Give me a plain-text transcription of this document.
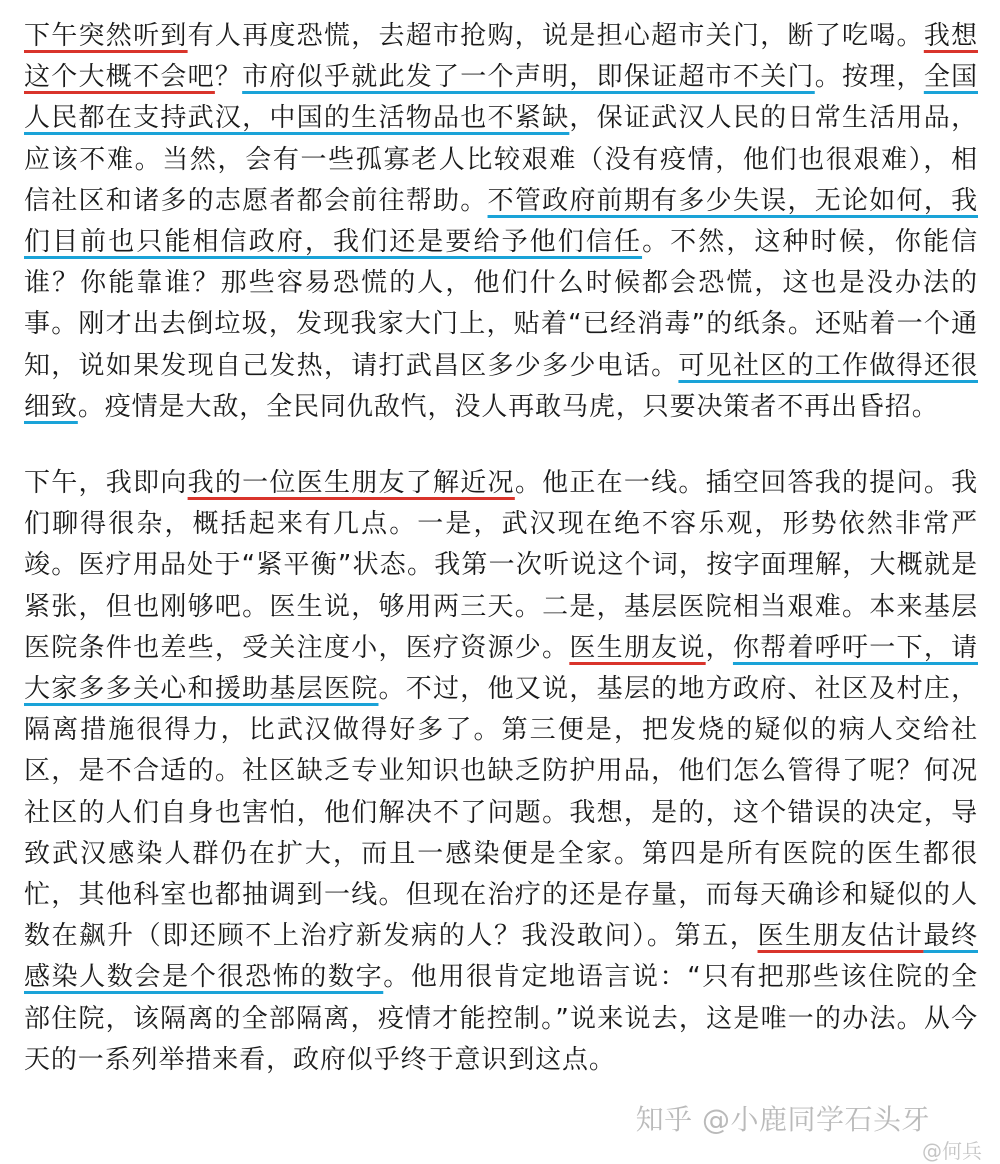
下午突然听到有人再度恐慌，去超市抢购，说是担心超市关门，断了吃喝。我想这个大概不会吧？市府似乎就此发了一个声明，即保证超市不关门。按理，全国人民都在支持武汉，中国的生活物品也不紧缺，保证武汉人民的日常生活用品，应该不难。当然，会有一些孤寡老人比较艰难（没有疫情，他们也很艰难），相信社区和诸多的志愿者都会前往帮助。不管政府前期有多少失误，无论如何，我们目前也只能相信政府，我们还是要给予他们信任。不然，这种时候，你能信谁？你能靠谁？那些容易恐慌的人，他们什么时候都会恐慌，这也是没办法的事。刚才出去倒垃圾，发现我家大门上，贴着“已经消毒”的纸条。还贴着一个通知，说如果发现自己发热，请打武昌区多少多少电话。可见社区的工作做得还很细致。疫情是大敌，全民同仇敌忾，没人再敢马虎，只要决策者不再出昏招。

下午，我即向我的一位医生朋友了解近况。他正在一线。插空回答我的提问。我们聊得很杂，概括起来有几点。一是，武汉现在绝不容乐观，形势依然非常严竣。医疗用品处于“紧平衡”状态。我第一次听说这个词，按字面理解，大概就是紧张，但也刚够吧。医生说，够用两三天。二是，基层医院相当艰难。本来基层医院条件也差些，受关注度小，医疗资源少。医生朋友说，你帮着呼吁一下，请大家多多关心和援助基层医院。不过，他又说，基层的地方政府、社区及村庄，隔离措施很得力，比武汉做得好多了。第三便是，把发烧的疑似的病人交给社区，是不合适的。社区缺乏专业知识也缺乏防护用品，他们怎么管得了呢？何况社区的人们自身也害怕，他们解决不了问题。我想，是的，这个错误的决定，导致武汉感染人群仍在扩大，而且一感染便是全家。第四是所有医院的医生都很忙，其他科室也都抽调到一线。但现在治疗的还是存量，而每天确诊和疑似的人数在飙升（即还顾不上治疗新发病的人？我没敢问）。第五，医生朋友估计最终感染人数会是个很恐怖的数字。他用很肯定地语言说：“只有把那些该住院的全部住院，该隔离的全部隔离，疫情才能控制。”说来说去，这是唯一的办法。从今天的一系列举措来看，政府似乎终于意识到这点。

知乎 @小鹿同学石头牙
@何兵
